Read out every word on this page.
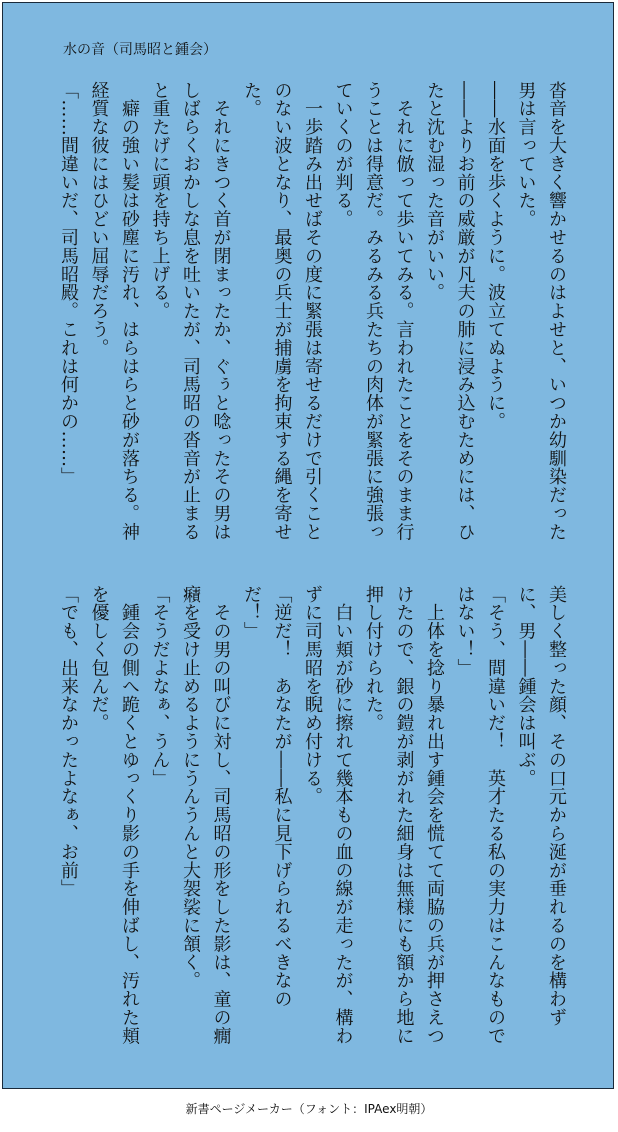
水の音（司馬昭と鍾会）

沓音を大きく響かせるのはよせと、いつか幼馴染だった男は言っていた。

――水面を歩くように。波立てぬように。

――よりお前の威厳が凡夫の肺に浸み込むためには、ひたと沈む湿った音がいい。

　それに倣って歩いてみる。言われたことをそのまま行うことは得意だ。みるみる兵たちの肉体が緊張に強張っていくのが判る。

　一歩踏み出せばその度に緊張は寄せるだけで引くことのない波となり、最奥の兵士が捕虜を拘束する縄を寄せた。

　それにきつく首が閉まったか、ぐぅと唸ったその男はしばらくおかしな息を吐いたが、司馬昭の沓音が止まると重たげに頭を持ち上げる。

　癖の強い髪は砂塵に汚れ、はらはらと砂が落ちる。神経質な彼にはひどい屈辱だろう。

「……間違いだ、司馬昭殿。これは何かの……」

美しく整った顔、その口元から涎が垂れるのを構わずに、男――鍾会は叫ぶ。

「そう、間違いだ！　英才たる私の実力はこんなものではない！」

　上体を捻り暴れ出す鍾会を慌てて両脇の兵が押さえつけたので、銀の鎧が剥がれた細身は無様にも額から地に押し付けられた。

　白い頬が砂に擦れて幾本もの血の線が走ったが、構わずに司馬昭を睨め付ける。

「逆だ！　あなたが――私に見下げられるべきなのだ！」

　その男の叫びに対し、司馬昭の形をした影は、童の癇癪を受け止めるようにうんうんと大袈裟に頷く。

「そうだよなぁ、うん」

　鍾会の側へ跪くとゆっくり影の手を伸ばし、汚れた頬を優しく包んだ。

「でも、出来なかったよなぁ、お前」

新書ページメーカー（フォント：IPAex明朝）
